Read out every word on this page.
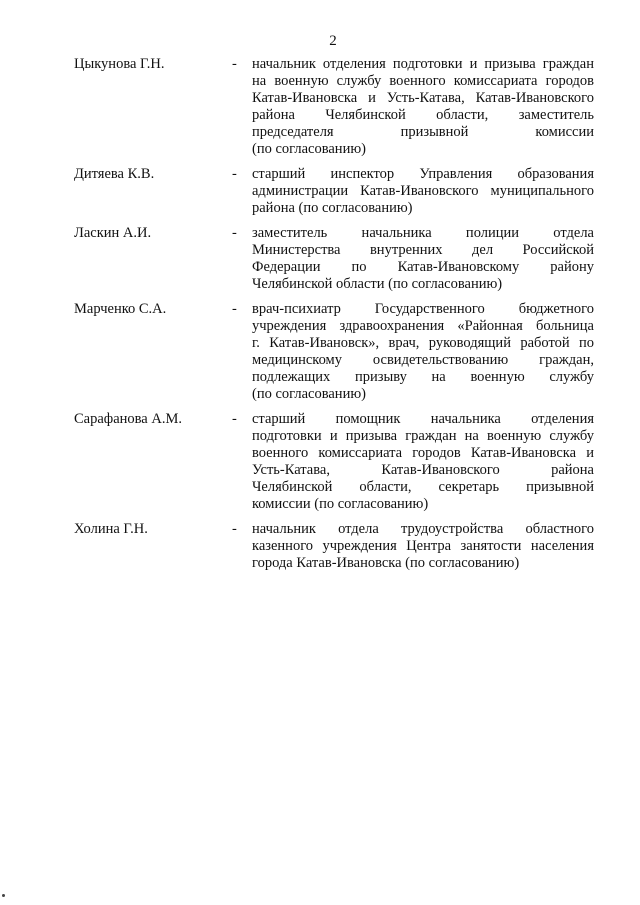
2
Цыкунова Г.Н.	-	начальник отделения подготовки и призыва граждан
на военную службу военного комиссариата городов
Катав-Ивановска и Усть-Катава, Катав-Ивановского
района Челябинской области, заместитель
председателя призывной комиссии
(по согласованию)
Дитяева К.В.	-	старший инспектор Управления образования
администрации Катав-Ивановского муниципального
района (по согласованию)
Ласкин А.И.	-	заместитель начальника полиции отдела
Министерства внутренних дел Российской
Федерации по Катав-Ивановскому району
Челябинской области (по согласованию)
Марченко С.А.	-	врач-психиатр Государственного бюджетного
учреждения здравоохранения «Районная больница
г. Катав-Ивановск», врач, руководящий работой по
медицинскому освидетельствованию граждан,
подлежащих призыву на военную службу
(по согласованию)
Сарафанова А.М.	-	старший помощник начальника отделения
подготовки и призыва граждан на военную службу
военного комиссариата городов Катав-Ивановска и
Усть-Катава, Катав-Ивановского района
Челябинской области, секретарь призывной
комиссии (по согласованию)
Холина Г.Н.	-	начальник отдела трудоустройства областного
казенного учреждения Центра занятости населения
города Катав-Ивановска (по согласованию)
